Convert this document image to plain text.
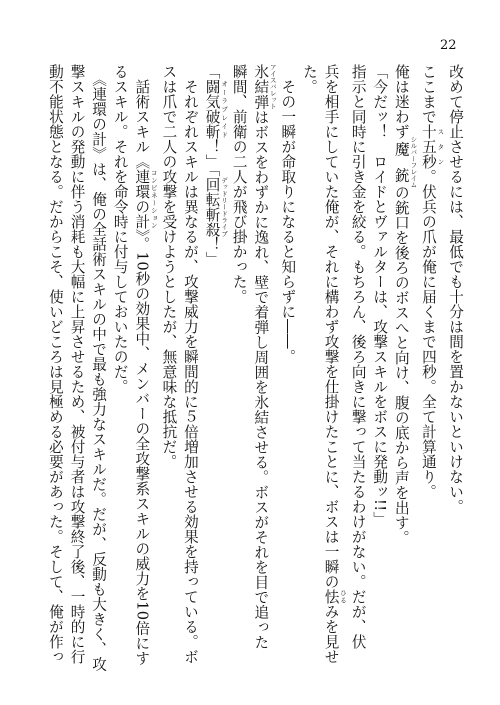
22
改めて停止させるには、最低でも十分は間を置かないといけない。
ここまで十五秒 スタン。伏兵の爪が俺に届くまで四秒。全て計算通り。
俺は迷わず魔銃 シルバーフレイムの銃口を後ろのボスへと向け、腹の底から声を出す。
「今だッ！　ロイドとヴァルターは、攻撃スキルをボスに発動ッ!!」
指示と同時に引き金を絞る。もちろん、後ろ向きに撃って当たるわけがない。だが、伏
兵を相手にしていた俺が、それに構わず攻撃を仕掛けたことに、ボスは一瞬の怯 ひるみを見せ
た。
　その一瞬が命取りになると知らずに――。
氷結弾 アイスバレットはボスをわずかに逸れ、壁で着弾し周囲を氷結させる。ボスがそれを目で追った
瞬間、前衛の二人が飛び掛かった。
「闘気破斬 オーラブレイド！」「回転斬殺 デッドリードライブ！」
　それぞれスキルは異なるが、攻撃威力を瞬間的に５倍増加させる効果を持っている。ボ
スは爪で二人の攻撃を受けようとしたが、無意味な抵抗だ。
　話術スキル《連環の計 コンビネーション》。10秒の効果中、メンバーの全攻撃系スキルの威力を10倍にす
るスキル。それを命令時に付与しておいたのだ。
　《連環の計》は、俺の全話術スキルの中で最も強力なスキルだ。だが、反動も大きく、攻
撃スキルの発動に伴う消耗も大幅に上昇させるため、被付与者は攻撃終了後、一時的に行
動不能状態となる。だからこそ、使いどころは見極める必要があった。そして、俺が作っ
